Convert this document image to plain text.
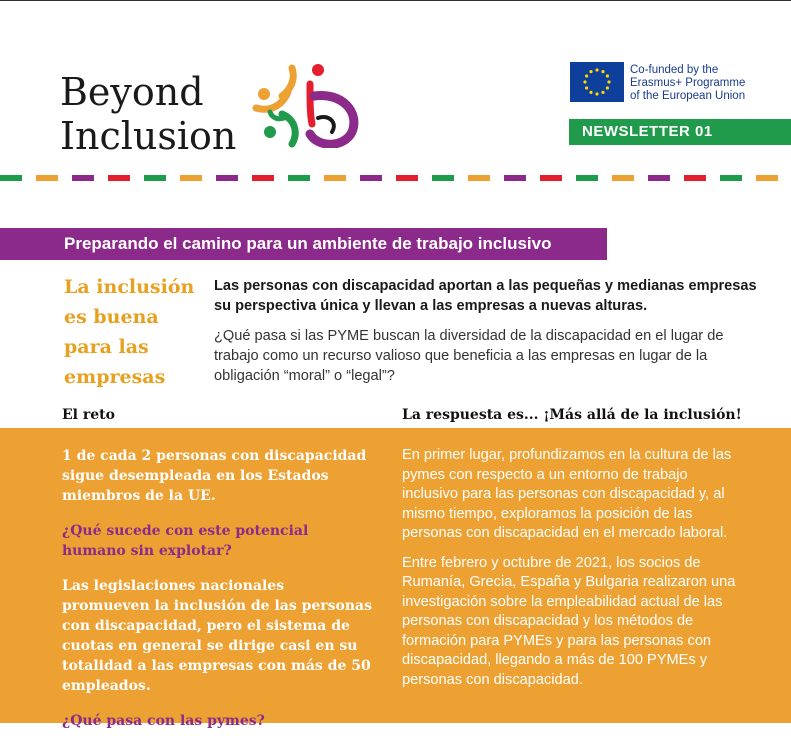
Beyond
Inclusion
Co-funded by the
Erasmus+ Programme
of the European Union
NEWSLETTER 01
Preparando el camino para un ambiente de trabajo inclusivo
La inclusión es buena para las empresas
Las personas con discapacidad aportan a las pequeñas y medianas empresas su perspectiva única y llevan a las empresas a nuevas alturas.
¿Qué pasa si las PYME buscan la diversidad de la discapacidad en el lugar de trabajo como un recurso valioso que beneficia a las empresas en lugar de la obligación “moral” o “legal”?
El reto	La respuesta es... ¡Más allá de la inclusión!

1 de cada 2 personas con discapacidad sigue desempleada en los Estados miembros de la UE.

¿Qué sucede con este potencial humano sin explotar?

Las legislaciones nacionales promueven la inclusión de las personas con discapacidad, pero el sistema de cuotas en general se dirige casi en su totalidad a las empresas con más de 50 empleados.

¿Qué pasa con las pymes?

En primer lugar, profundizamos en la cultura de las pymes con respecto a un entorno de trabajo inclusivo para las personas con discapacidad y, al mismo tiempo, exploramos la posición de las personas con discapacidad en el mercado laboral.

Entre febrero y octubre de 2021, los socios de Rumanía, Grecia, España y Bulgaria realizaron una investigación sobre la empleabilidad actual de las personas con discapacidad y los métodos de formación para PYMEs y para las personas con discapacidad, llegando a más de 100 PYMEs y personas con discapacidad.
